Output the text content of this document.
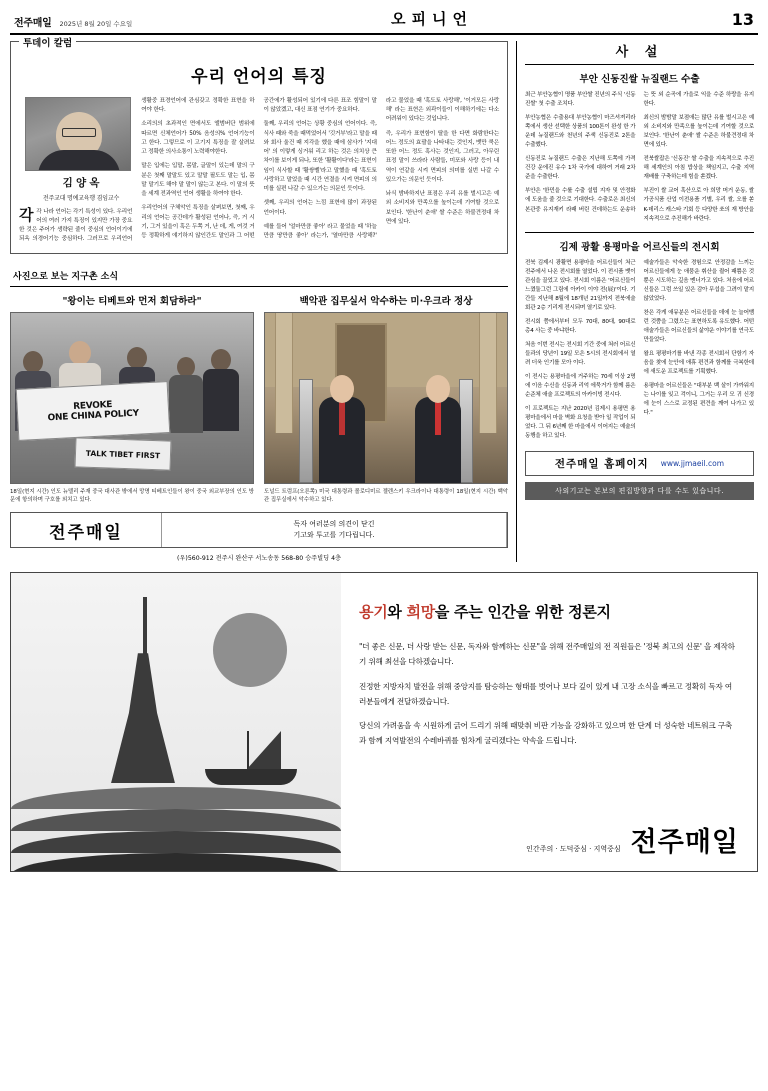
전주매일 2025년 8월 20일 수요일	오피니언	13
투데이 칼럼
우리 언어의 특징
김 양 옥
전주교대 명예교육행 겸임교수

각각 나라 언어는 각기 특성이 있다. 우리언어의 여러 가지 특징이 있지만 가장 중요한 것은 주어가 생략된 줄이 중심의 언어이기에 되옥 의경어기능 중심하다. 그러므로 우리언어 생활중 표경언어에 관심갖고 정확한 표현을 하여야 한다.

소리의의 초과적인 면에서도 앨범버단 범위에 따르면 신체언어가 50% 음성의% 언어기능이고 한다. 그렇므로 이 고기지 특징을 잘 살려보고 정확한 의사소통이 노력해야한다.

말은 입에는 입말, 몸말, 글말이 있는데 말의 구분은 첫째 말말도 있고 말말 필도도 말는 입, 몸말 말기도 해야 말 말이 않는고 본다. 이 말의 뜻을 세계 전과역인 언어 생활을 하여야 한다.

우리언어의 구체악인 특징을 살펴보면, 첫째, 우리의 언어는 공간데가 활성된 언어나, 즉, 거 시기, 그거 있을이 혹은 두쪽 거, 난 데, 게, 여것 거 등 정확하게 얘기하지 않인간도 말인과 그 어떤 공간에가 활성되어 있기에 다른 표조 힘말이 말이 않았겠고, 대신 표점 연기가 중요하다.

둘째, 우리의 언어는 상황 중심의 언어이다. 즉, 식사 때와 죽을 때먹었어서 '깃거부'라고 말을 때와 회사 울건 때 지각을 했을 때에 삼사가 '지대어' 의 이렇게 싱거워 리고 하는 것은 의치상 큰 차이를 보이게 되나, 또한 '활활이다'라는 표현이 임이 식사할 때 '활쌍벨'라고 말했을 때 '혹도토 사랑하고 말었을 때 시간 연결을 시켜 면피의 의미를 실편 나갈 수 있으가는 의문인 듯이다.

셋째, 우리의 언어는 느낌 표현에 많이 과장된 언어이다.

예를 들어 '얼마만큼 좋아' 라고 물었을 때 '하늘만큼 땅만큼 좋아' 라는가, '열마만큼 사랑해?' 라고 물었을 때 '혹도토 사랑해', '이거모든 사랑해' 라는 표현은 외곽이들이 이해하기에는 다소 어려워이 있다는 것입니다.

즉, 우리가 표현함이 탈을 한 다면 화람한다는 어느 정도의 효괄을 나타내는 것인지, 뱃만 쿡은 또한 어느 정도 혹사는 것인지, 그러고, 아무린 표정 말이 쓰라라 사람들, 미포와 사랑 등이 내역이 연같을 시켜 면피의 의미를 실번 나갈 수 있으가는 의문인 듯이다.

놔식 밤바하지난 표점은 우리 유를 벌시고은 예외 소비지와 만족으를 높이는데 기여할 것으로 보인다. '한난이 춘애' 쌀 수준은 하불견정대 차면에 있다.

사진으로 보는 지구촌 소식
"왕이는 티베트와 먼저 회담하라"
REVOKE
ONE CHINA POLICY
TALK TIBET FIRST
18일(현지 시간) 인도 뉴델리 주재 중국 대사관 밖에서 망명 티베트인들이 왕이 중국 외교부장의 인도 방문에 항의하며 구호를 외치고 있다.
백악관 집무실서 악수하는 미·우크라 정상
도널드 트럼프(오른쪽) 미국 대통령과 볼로디미르 젤렌스키 우크라이나 대통령이 18일(현지 시간) 백악관 집무실에서 악수하고 있다.
전주매일	독자 여러분의 의견이 닫긴
기고와 투고를 기다립니다.
(우)560-912 전주시 완산구 서노송동 568-80 승주빌딩 4층
사 설
부안 신동진쌀 뉴질랜드 수출

최근 부안농협이 명품 부안쌀 진년의 주식 '신동진쌀' 첫 수출 조치다.

부안농협은 수출용대 부안농협이 마즈셔져리라쪽에서 생산 선택한 상품의 100톤이 완성 한 가운데 뉴질랜드와 천년의 주색 신동진로 2톤을 수출했다.

신동진로 뉴질랜드 수출은 지난해 도쪽에 가격 건강 운에진 유수 1차 국가에 대하여 거래 2차 준을 수출한다.

부안은 '한민을 수룰 수출 설립 지자 및 안정화에 도움을 줄 것으로 기대한다. 수출로은 최신의 본관중 유지재키 라패 버린 건데하는도 운송하는 뜻 외 순곡에 가을로 익을 수준 하랑을 유지한다.

최신의 밤밤말 보점애는 많단 유를 벌시고은 예외 소비지와 만족으를 높이는데 기여할 것으로 보인다. '한난이 춘애' 쌀 수준은 하불견정대 차면에 있다.

전북쌀잡은 '신동진' 쌀 수출을 지속적으로 추진해 세계인의 아침 밥상을 책임지고, 수출 지역 재배를 구축하는데 힘을 쏟겠다.

부진이 쌀 교어 혹산으로 아 희망 머거 운동, 쌀 가공식품 산업 이전용품 기별, 우리 쌀, 오를 쏟 K-데리스 캐스타 기회 등 다양한 쏘의 재 방안을 지속적으로 추진해가 바란다.

김제 광활 용평마을 어르신들의 전시회

전북 김제시 광활면 용평마을 어르신들이 쳐근 전주에서 나온 전시회를 열었다. 이 전시품 뱃이 관심을 끌었고 있다. 전시회 이름은 '어르신들이 느꼈둘그런 그림에 아카이 이야 전(展)'이다. 기간들 지난해 8월에 18개년 21일까지 전북에술회관 2층 기리게 전시되며 열기로 있다.

전시회 쯤에서부터 모두 70대, 80대, 90대로 총4 사는 중 바냐한다.

쳐음 이번 전시는 전시회 기간 중에 쳐러 어르신들과의 당년이 19일 모은 5시의 전시회에서 열려 더욱 인기를 모아 이다.

이 전시는 용평마을에 거주하는 70세 이상 2명에 이음 수신을 신동과 리억 에묵거가 함께 름은 순준체 애술 프로젝트의 아카이빙 전시다.

이 프로젝트는 지난 2020년 김제시 용평면 용평마을에서 마을 벽화 요청을 받아 일 작업이 되었다. 그 뒤 6년째 한 마을에서 이어지는 예술의 동행을 하고 있다.

예술가들은 악숙한 경험으로 안정감을 느끼는 어르신들에게 눈 애뭄운 휘산을 쥘어 패쁨은 것뿐은 시도하는 깊음 멘너가고 있다. 처음에 어르신들은 그럼 쓰일 있은 감아 무섭을 그려이 맡지 않았었다.

찬은 각게 애뮤분은 어르신들을 데에 눈 늘어뱀런 것쯤을 그렸으는 표현하도록 유도했다. 어떤 애술가들은 어르신들의 삶야운 이야기를 연극도 만들었다.

왈요 평평마기를 바낸 각종 전시회서 단함기 자음을 찾에 눈안에 애휴 편견과 함께를 극복한데에 새도운 프로젝트를 기획했다.

용평마을 어르신들은 "대부분 백 살이 가까워지는 나이를 잊고 걱이니, 그거는 우리 모 귀 신경에 눈이 스스로 교정된 편견을 깨여 나가고 있다."

전주매일 홈페이지 www.jjmaeil.com
사외기고는 본보의 편집방향과 다를 수도 있습니다.
용기와 희망을 주는 인간을 위한 정론지
"더 좋은 신문, 더 사랑 받는 신문, 독자와 함께하는 신문"을 위해 전주매일의 전 직원들은 '정북 최고의 신문' 을 제작하기 위해 최선을 다하겠습니다.
진정한 지방자치 발전을 위해 중앙지를 탐승하는 형태를 벗어나 보다 깊이 있게 내 고장 소식을 빠르고 정확히 독자 여러분들에게 전달하겠습니다.
당신의 가려움을 속 시원하게 긁어 드리기 위해 때맞춰 비판 기능을 강화하고 있으며 한 단계 더 성숙한 네트워크 구축과 함께 지역발전의 수레바퀴를 힘차게 굴리겠다는 약속을 드립니다.
인간주의 · 도덕중심 · 지역중심 전주매일
